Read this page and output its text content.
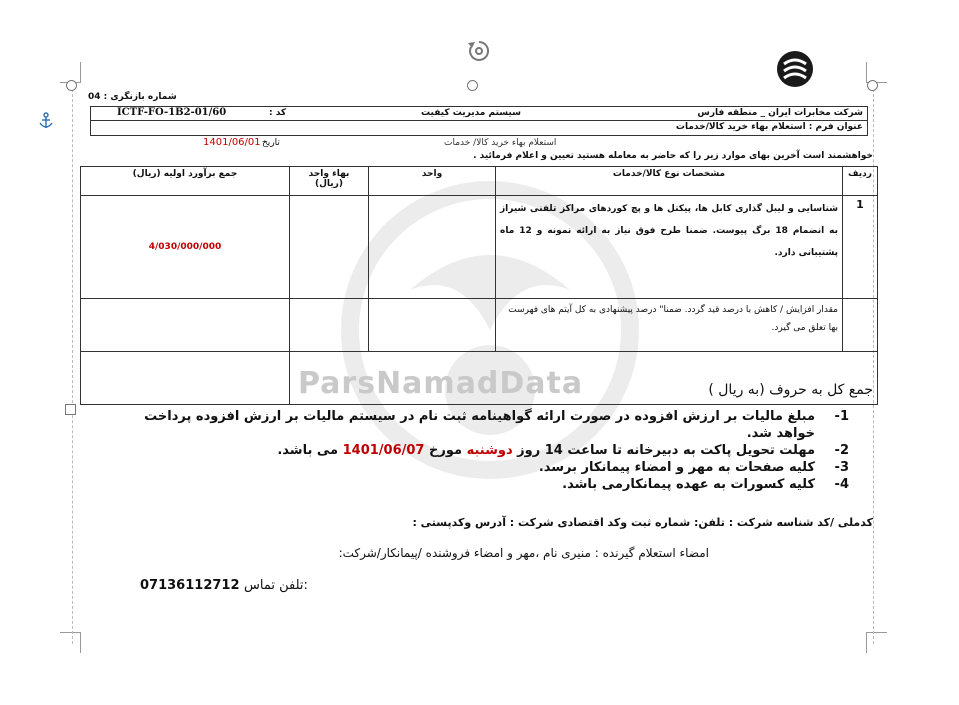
شماره بازنگری : 04
شرکت مخابرات ایران _ منطقه فارس
سیستم مدیریت کیفیت
کد :
ICTF-FO-1B2-01/60
عنوان فرم : استعلام بهاء خرید کالا/خدمات
استعلام بهاء خرید کالا/ خدمات
تاریخ
1401/06/01
خواهشمند است آخرین بهای موارد زیر را که حاضر به معامله هستید تعیین و اعلام فرمائید .
ParsNamadData
ردیف	مشخصات نوع کالا/خدمات	واحد	بهاء واحد (ریال)	جمع برآورد اولیه (ریال)
1	شناسایی و لیبل گذاری کابل ها، پیکتل ها و پچ کوردهای مراکز تلفنی شیراز به انضمام 18 برگ پیوست. ضمنا طرح فوق نیاز به ارائه نمونه و 12 ماه پشتیبانی دارد.			4/030/000/000
	مقدار افزایش / کاهش با درصد قید گردد. ضمنا" درصد پیشنهادی به کل آیتم های فهرست بها تعلق می گیرد.			
جمع کل به حروف (به ریال )				
1-
مبلغ مالیات بر ارزش افزوده در صورت ارائه گواهینامه ثبت نام در سیستم مالیات بر ارزش افزوده پرداخت خواهد شد.
2-
مهلت تحویل پاکت به دبیرخانه تا ساعت 14 روز دوشنبه مورخ 1401/06/07 می باشد.
3-
کلیه صفحات به مهر و امضاء پیمانکار برسد.
4-
کلیه کسورات به عهده پیمانکارمی باشد.
کدملی /کد شناسه شرکت : تلفن: شماره ثبت وکد اقتصادی شرکت : آدرس وکدپستی :
امضاء استعلام گیرنده : منیری نام ،مهر و امضاء فروشنده /پیمانکار/شرکت:
07136112712 تلفن تماس:
